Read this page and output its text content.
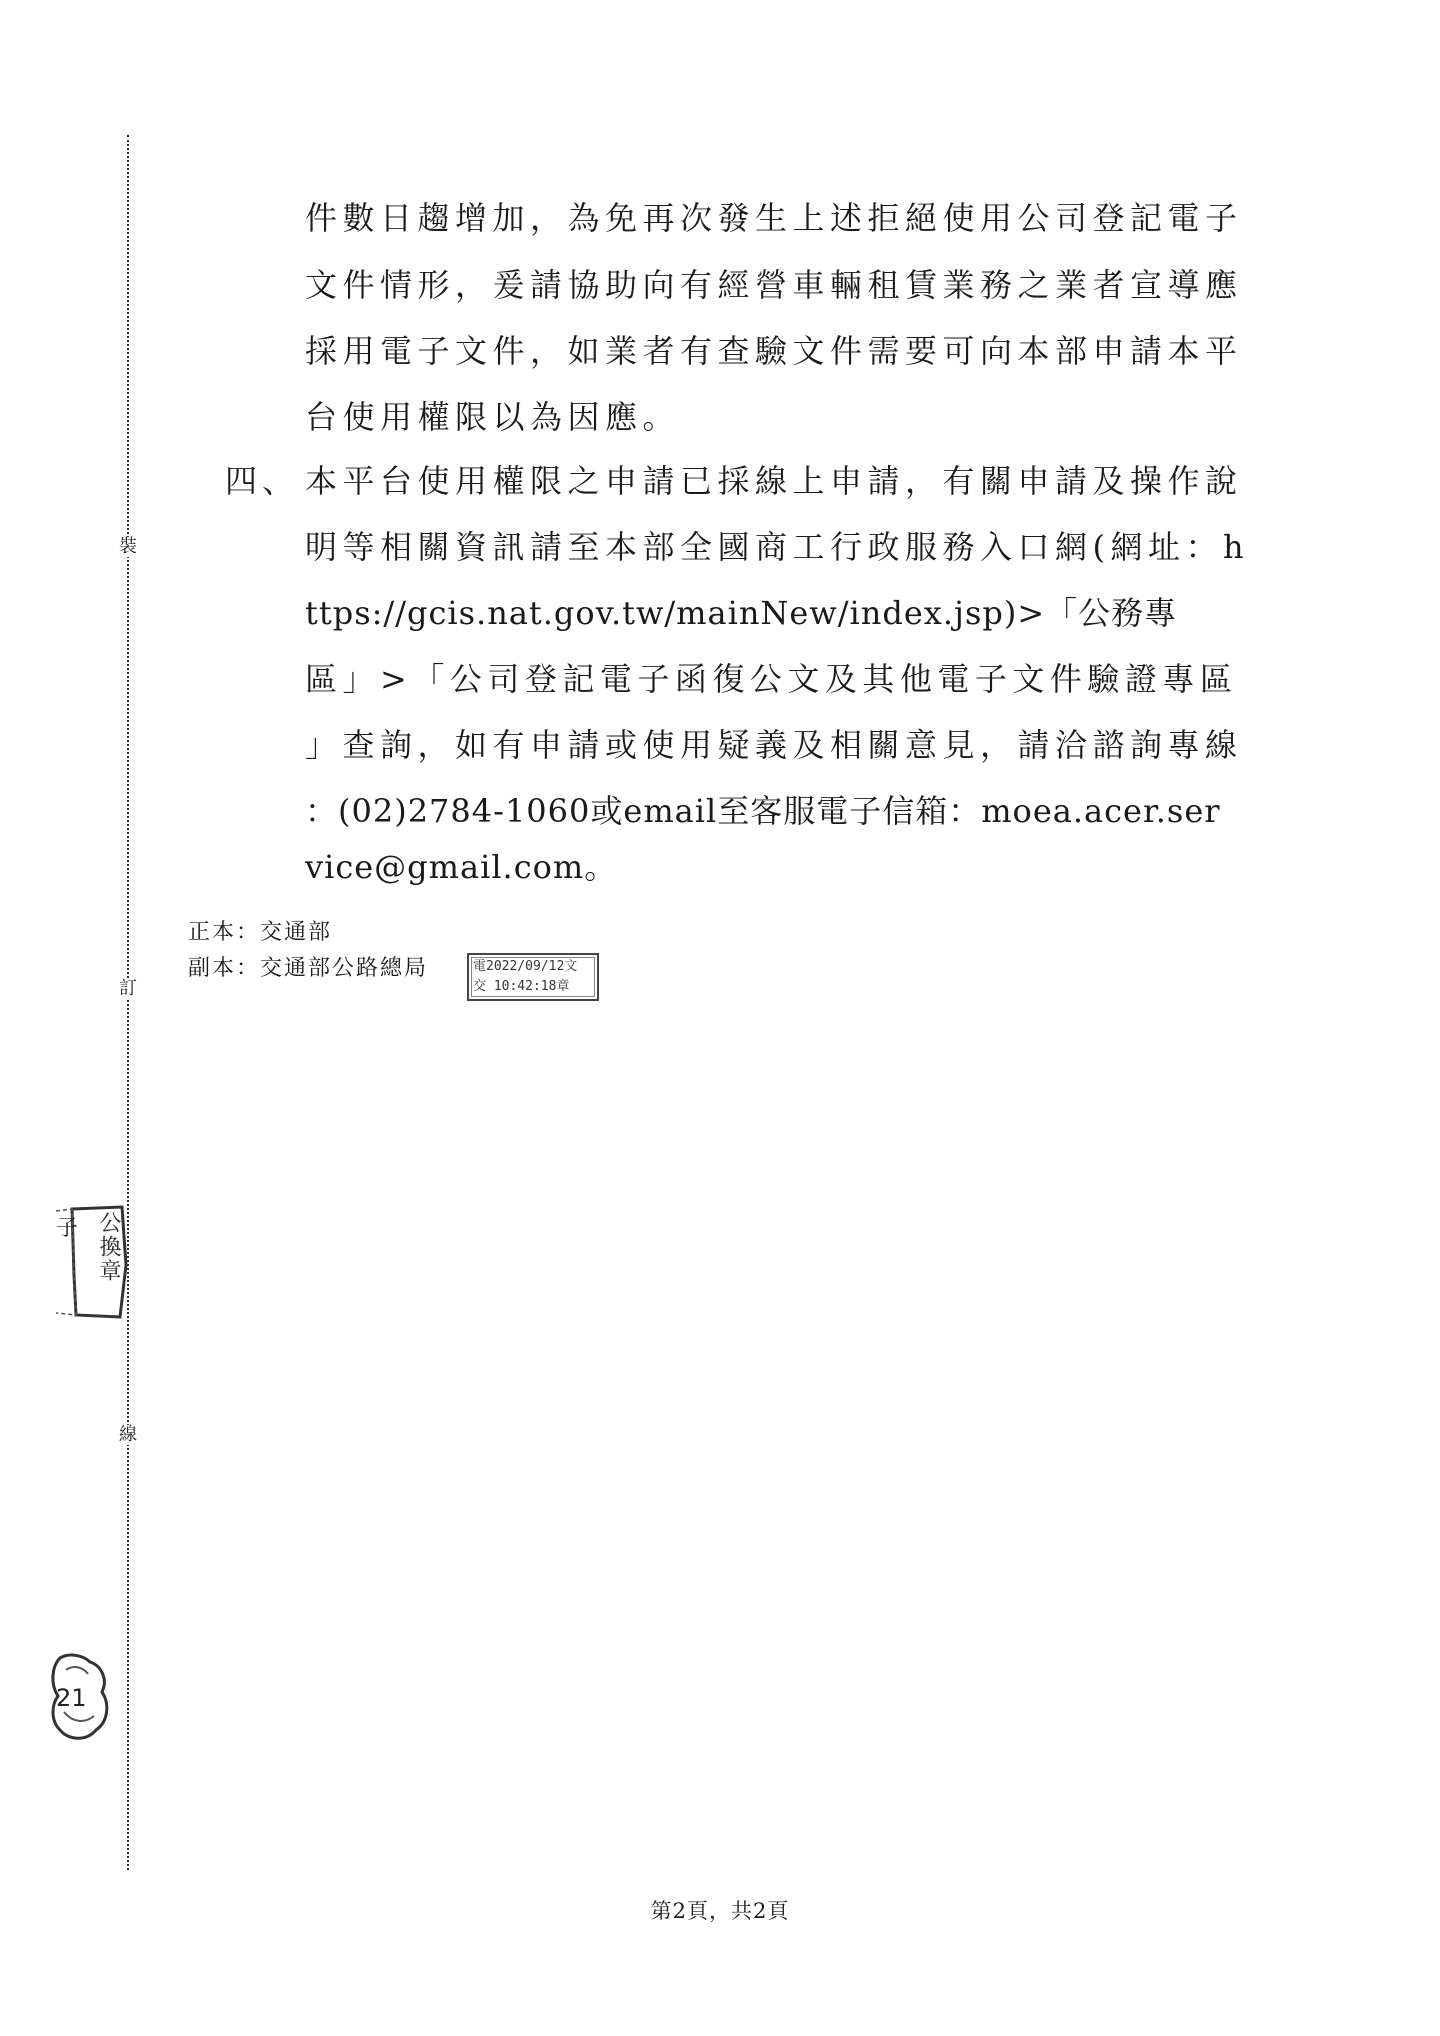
裝
訂
線
件數日趨增加，為免再次發生上述拒絕使用公司登記電子
文件情形，爰請協助向有經營車輛租賃業務之業者宣導應
採用電子文件，如業者有查驗文件需要可向本部申請本平
台使用權限以為因應。
四、 本平台使用權限之申請已採線上申請，有關申請及操作說
明等相關資訊請至本部全國商工行政服務入口網(網址：h
ttps://gcis.nat.gov.tw/mainNew/index.jsp)>「公務專
區」>「公司登記電子函復公文及其他電子文件驗證專區
」查詢，如有申請或使用疑義及相關意見，請洽諮詢專線
：(02)2784-1060或email至客服電子信箱：moea.acer.ser
vice@gmail.com。
正本：交通部
副本：交通部公路總局	電2022/09/12文
交 10:42:18章
公換章
子
21
第2頁，共2頁
